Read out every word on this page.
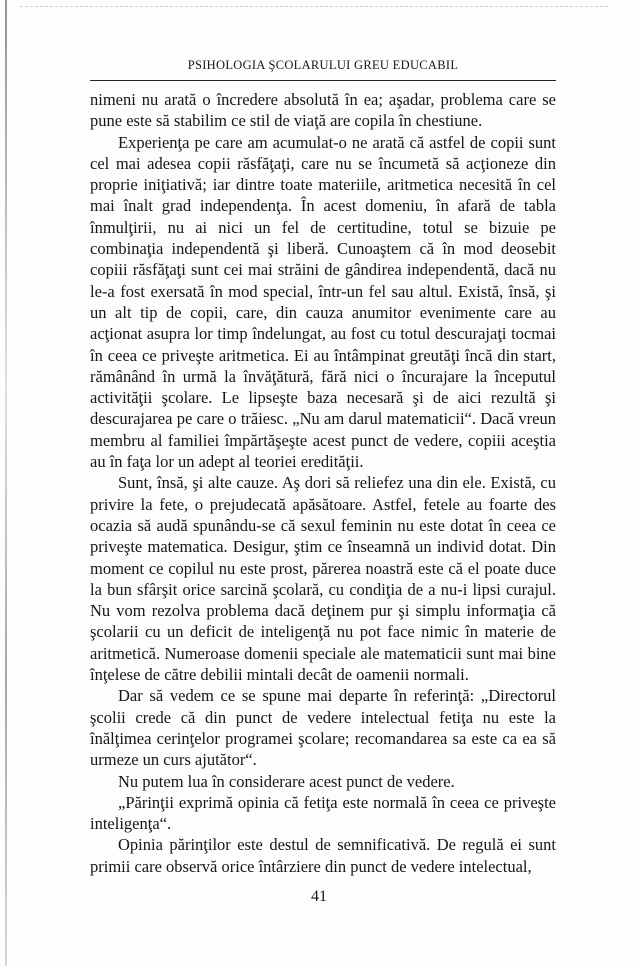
PSIHOLOGIA ŞCOLARULUI GREU EDUCABIL

nimeni nu arată o încredere absolută în ea; aşadar, problema care se pune este să stabilim ce stil de viaţă are copila în chestiune.

Experienţa pe care am acumulat-o ne arată că astfel de copii sunt cel mai adesea copii răsfăţaţi, care nu se încumetă să acţioneze din proprie iniţiativă; iar dintre toate materiile, aritmetica necesită în cel mai înalt grad independenţa. În acest domeniu, în afară de tabla înmulţirii, nu ai nici un fel de certitudine, totul se bizuie pe combinaţia independentă şi liberă. Cunoaştem că în mod deosebit copiii răsfăţaţi sunt cei mai străini de gândirea independentă, dacă nu le-a fost exersată în mod special, într-un fel sau altul. Există, însă, şi un alt tip de copii, care, din cauza anumitor evenimente care au acţionat asupra lor timp îndelungat, au fost cu totul descurajaţi tocmai în ceea ce priveşte aritmetica. Ei au întâmpinat greutăţi încă din start, rămânând în urmă la învăţătură, fără nici o încurajare la începutul activităţii şcolare. Le lipseşte baza necesară şi de aici rezultă şi descurajarea pe care o trăiesc. „Nu am darul matematicii“. Dacă vreun membru al familiei împărtăşeşte acest punct de vedere, copiii aceştia au în faţa lor un adept al teoriei eredităţii.

Sunt, însă, şi alte cauze. Aş dori să reliefez una din ele. Există, cu privire la fete, o prejudecată apăsătoare. Astfel, fetele au foarte des ocazia să audă spunându-se că sexul feminin nu este dotat în ceea ce priveşte matematica. Desigur, ştim ce înseamnă un individ dotat. Din moment ce copilul nu este prost, părerea noastră este că el poate duce la bun sfârşit orice sarcină şcolară, cu condiţia de a nu-i lipsi curajul. Nu vom rezolva problema dacă deţinem pur şi simplu informaţia că şcolarii cu un deficit de inteligenţă nu pot face nimic în materie de aritmetică. Numeroase domenii speciale ale matematicii sunt mai bine înţelese de către debilii mintali decât de oamenii normali.

Dar să vedem ce se spune mai departe în referinţă: „Directorul şcolii crede că din punct de vedere intelectual fetiţa nu este la înălţimea cerinţelor programei şcolare; recomandarea sa este ca ea să urmeze un curs ajutător“.

Nu putem lua în considerare acest punct de vedere.

„Părinţii exprimă opinia că fetiţa este normală în ceea ce priveşte inteligenţa“.

Opinia părinţilor este destul de semnificativă. De regulă ei sunt primii care observă orice întârziere din punct de vedere intelectual,

41
